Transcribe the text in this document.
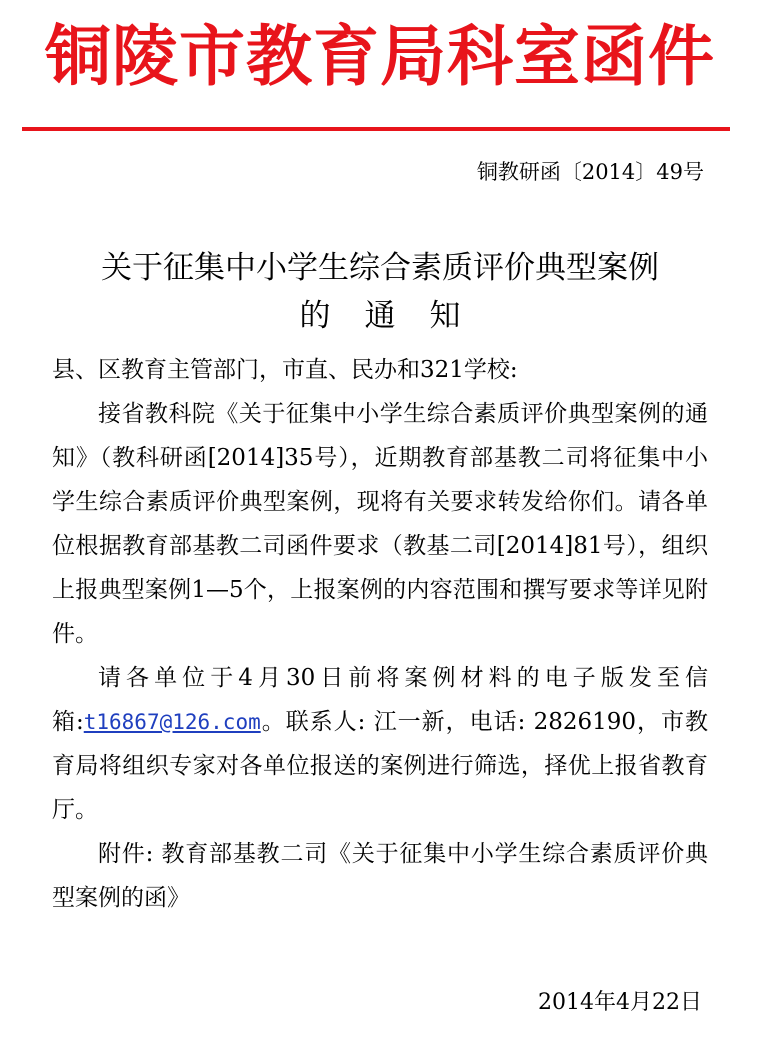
铜陵市教育局科室函件
铜教研函〔2014〕49号
关于征集中小学生综合素质评价典型案例
的通知

县、区教育主管部门，市直、民办和321学校:

接省教科院《关于征集中小学生综合素质评价典型案例的通知》（教科研函[2014]35号），近期教育部基教二司将征集中小学生综合素质评价典型案例，现将有关要求转发给你们。请各单位根据教育部基教二司函件要求（教基二司[2014]81号），组织上报典型案例1—5个，上报案例的内容范围和撰写要求等详见附件。

请各单位于4月30日前将案例材料的电子版发至信箱:t16867@126.com。联系人: 江一新，电话: 2826190，市教育局将组织专家对各单位报送的案例进行筛选，择优上报省教育厅。

附件: 教育部基教二司《关于征集中小学生综合素质评价典型案例的函》

2014年4月22日
